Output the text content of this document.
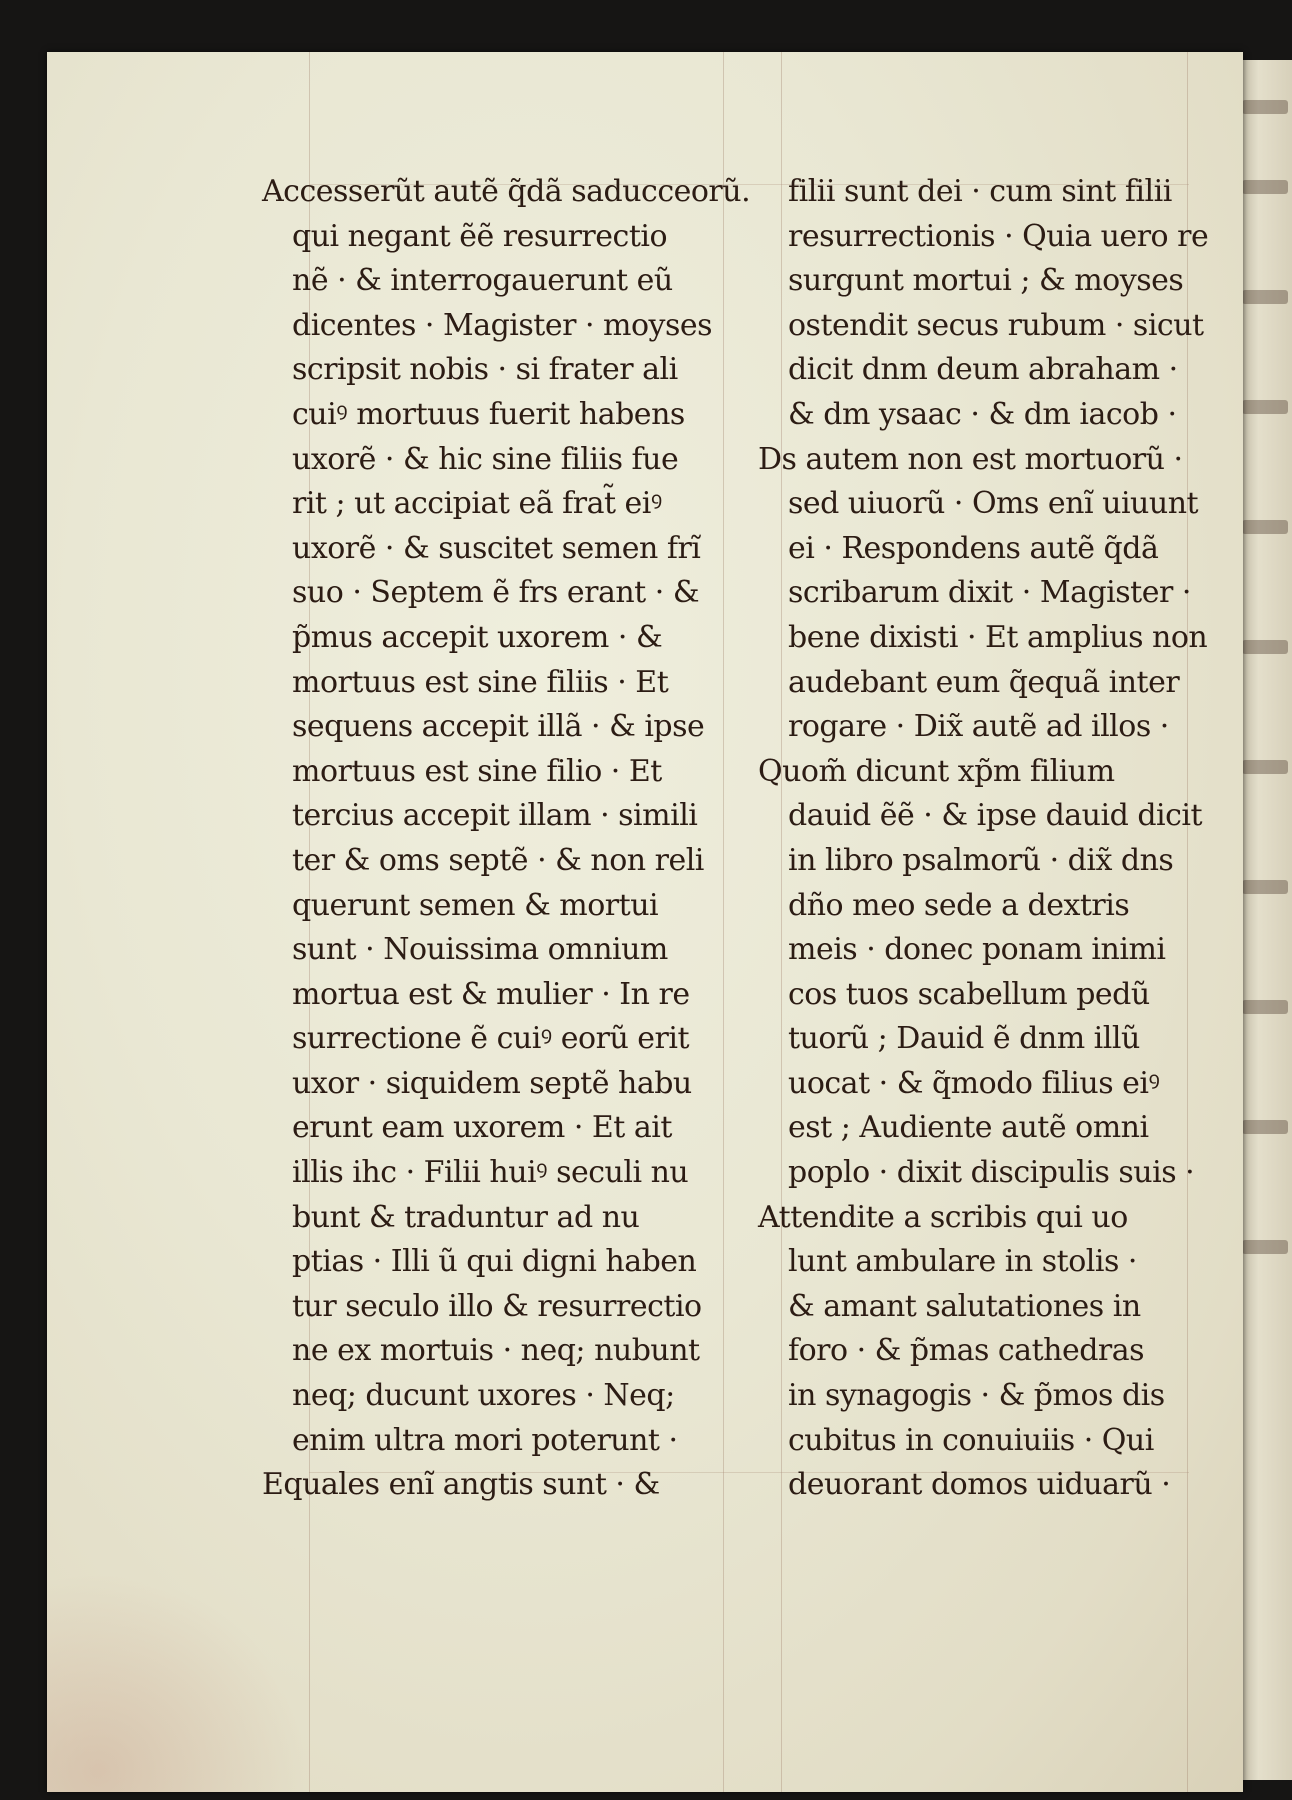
Accesserũt autẽ q̃dã saducceorũ.
qui negant ẽẽ resurrectio
nẽ · & interrogauerunt eũ
dicentes · Magister · moyses
scripsit nobis · si frater ali
cuiꝰ mortuus fuerit habens
uxorẽ · & hic sine filiis fue
rit ; ut accipiat eã frat̃ eiꝰ
uxorẽ · & suscitet semen frĩ
suo · Septem ẽ frs erant · &
p̃mus accepit uxorem · &
mortuus est sine filiis · Et
sequens accepit illã · & ipse
mortuus est sine filio · Et
tercius accepit illam · simili
ter & oms septẽ · & non reli
querunt semen & mortui
sunt · Nouissima omnium
mortua est & mulier · In re
surrectione ẽ cuiꝰ eorũ erit
uxor · siquidem septẽ habu
erunt eam uxorem · Et ait
illis ihc · Filii huiꝰ seculi nu
bunt & traduntur ad nu
ptias · Illi ũ qui digni haben
tur seculo illo & resurrectio
ne ex mortuis · neq; nubunt
neq; ducunt uxores · Neq;
enim ultra mori poterunt ·
Equales enĩ angtis sunt · &
filii sunt dei · cum sint filii
resurrectionis · Quia uero re
surgunt mortui ; & moyses
ostendit secus rubum · sicut
dicit dnm deum abraham ·
& dm ysaac · & dm iacob ·
Ds autem non est mortuorũ ·
sed uiuorũ · Oms enĩ uiuunt
ei · Respondens autẽ q̃dã
scribarum dixit · Magister ·
bene dixisti · Et amplius non
audebant eum q̃equã inter
rogare · Dix̃ autẽ ad illos ·
Quom̃ dicunt xp̃m filium
dauid ẽẽ · & ipse dauid dicit
in libro psalmorũ · dix̃ dns
dño meo sede a dextris
meis · donec ponam inimi
cos tuos scabellum pedũ
tuorũ ; Dauid ẽ dnm illũ
uocat · & q̃modo filius eiꝰ
est ; Audiente autẽ omni
poplo · dixit discipulis suis ·
Attendite a scribis qui uo
lunt ambulare in stolis ·
& amant salutationes in
foro · & p̃mas cathedras
in synagogis · & p̃mos dis
cubitus in conuiuiis · Qui
deuorant domos uiduarũ ·
